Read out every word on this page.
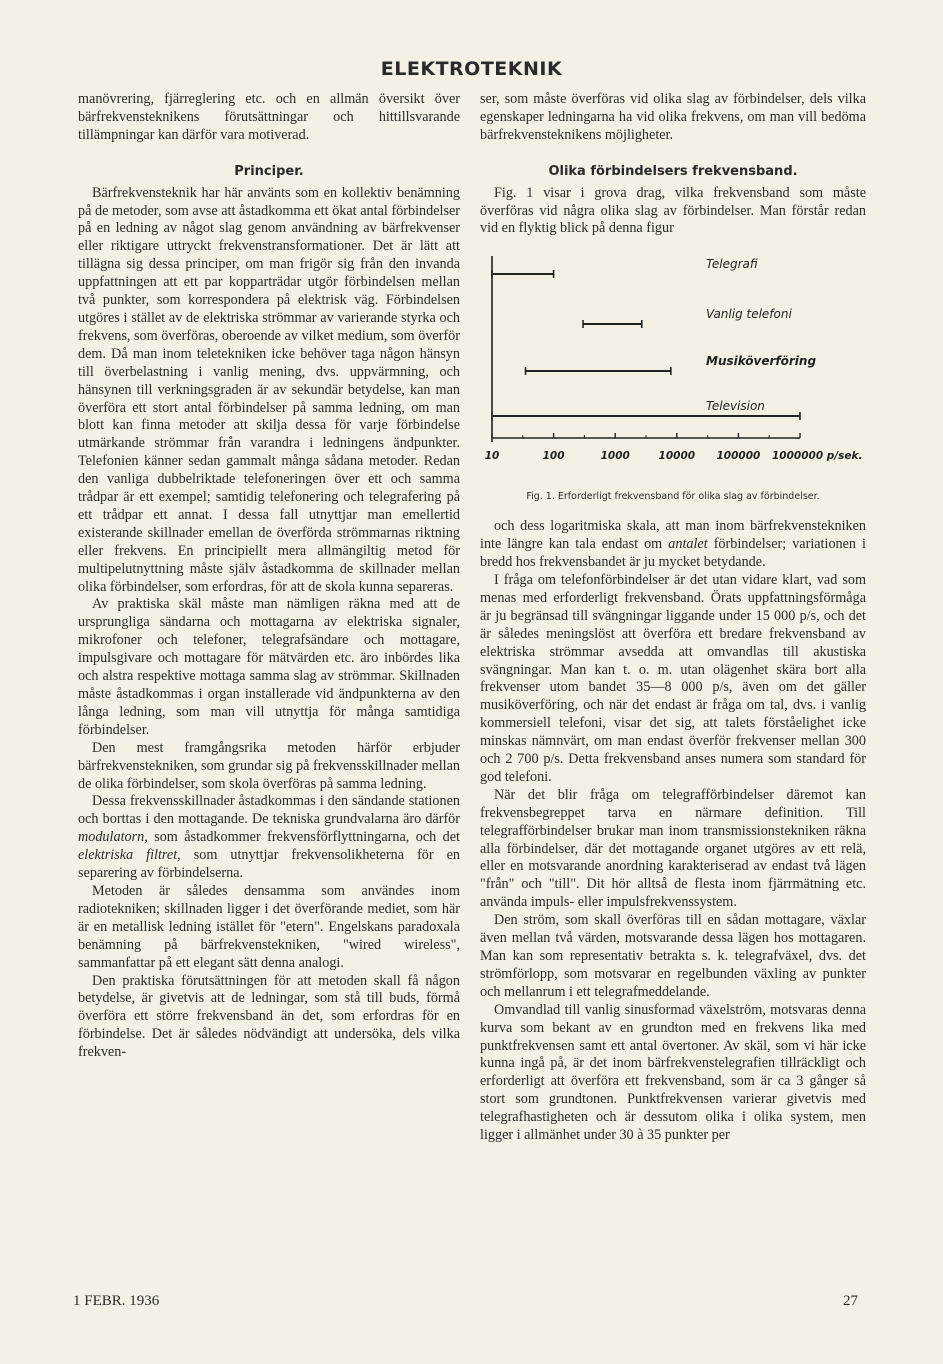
ELEKTROTEKNIK

manövrering, fjärreglering etc. och en allmän översikt över bärfrekvensteknikens förutsättningar och hittillsvarande tillämpningar kan därför vara motiverad.

Principer.

Bärfrekvensteknik har här använts som en kollektiv benämning på de metoder, som avse att åstadkomma ett ökat antal förbindelser på en ledning av något slag genom användning av bärfrekvenser eller riktigare uttryckt frekvenstransformationer. Det är lätt att tillägna sig dessa principer, om man frigör sig från den invanda uppfattningen att ett par kopparträdar utgör förbindelsen mellan två punkter, som korrespondera på elektrisk väg. Förbindelsen utgöres i stället av de elektriska strömmar av varierande styrka och frekvens, som överföras, oberoende av vilket medium, som överför dem. Då man inom teletekniken icke behöver taga någon hänsyn till överbelastning i vanlig mening, dvs. uppvärmning, och hänsynen till verkningsgraden är av sekundär betydelse, kan man överföra ett stort antal förbindelser på samma ledning, om man blott kan finna metoder att skilja dessa för varje förbindelse utmärkande strömmar från varandra i ledningens ändpunkter. Telefonien känner sedan gammalt många sådana metoder. Redan den vanliga dubbelriktade telefoneringen över ett och samma trådpar är ett exempel; samtidig telefonering och telegrafering på ett trådpar ett annat. I dessa fall utnyttjar man emellertid existerande skillnader emellan de överförda strömmarnas riktning eller frekvens. En principiellt mera allmängiltig metod för multipelutnyttning måste själv åstadkomma de skillnader mellan olika förbindelser, som erfordras, för att de skola kunna separeras.

Av praktiska skäl måste man nämligen räkna med att de ursprungliga sändarna och mottagarna av elektriska signaler, mikrofoner och telefoner, telegrafsändare och mottagare, impulsgivare och mottagare för mätvärden etc. äro inbördes lika och alstra respektive mottaga samma slag av strömmar. Skillnaden måste åstadkommas i organ installerade vid ändpunkterna av den långa ledning, som man vill utnyttja för många samtidiga förbindelser.

Den mest framgångsrika metoden härför erbjuder bärfrekvenstekniken, som grundar sig på frekvensskillnader mellan de olika förbindelser, som skola överföras på samma ledning.

Dessa frekvensskillnader åstadkommas i den sändande stationen och borttas i den mottagande. De tekniska grundvalarna äro därför modulatorn, som åstadkommer frekvensförflyttningarna, och det elektriska filtret, som utnyttjar frekvensolikheterna för en separering av förbindelserna.

Metoden är således densamma som användes inom radiotekniken; skillnaden ligger i det överförande mediet, som här är en metallisk ledning istället för "etern". Engelskans paradoxala benämning på bärfrekvenstekniken, "wired wireless", sammanfattar på ett elegant sätt denna analogi.

Den praktiska förutsättningen för att metoden skall få någon betydelse, är givetvis att de ledningar, som stå till buds, förmå överföra ett större frekvensband än det, som erfordras för en förbindelse. Det är således nödvändigt att undersöka, dels vilka frekven-

ser, som måste överföras vid olika slag av förbindelser, dels vilka egenskaper ledningarna ha vid olika frekvens, om man vill bedöma bärfrekvensteknikens möjligheter.

Olika förbindelsers frekvensband.

Fig. 1 visar i grova drag, vilka frekvensband som måste överföras vid några olika slag av förbindelser. Man förstår redan vid en flyktig blick på denna figur

Telegrafi
Vanlig telefoni
Musiköverföring
Television
10	100	1000	10000 100000 1000000 p/sek.
Fig. 1. Erforderligt frekvensband för olika slag av förbindelser.

och dess logaritmiska skala, att man inom bärfrekvenstekniken inte längre kan tala endast om antalet förbindelser; variationen i bredd hos frekvensbandet är ju mycket betydande.

I fråga om telefonförbindelser är det utan vidare klart, vad som menas med erforderligt frekvensband. Örats uppfattningsförmåga är ju begränsad till svängningar liggande under 15 000 p/s, och det är således meningslöst att överföra ett bredare frekvensband av elektriska strömmar avsedda att omvandlas till akustiska svängningar. Man kan t. o. m. utan olägenhet skära bort alla frekvenser utom bandet 35—8 000 p/s, även om det gäller musiköverföring, och när det endast är fråga om tal, dvs. i vanlig kommersiell telefoni, visar det sig, att talets förståelighet icke minskas nämnvärt, om man endast överför frekvenser mellan 300 och 2 700 p/s. Detta frekvensband anses numera som standard för god telefoni.

När det blir fråga om telegrafförbindelser däremot kan frekvensbegreppet tarva en närmare definition. Till telegrafförbindelser brukar man inom transmissionstekniken räkna alla förbindelser, där det mottagande organet utgöres av ett relä, eller en motsvarande anordning karakteriserad av endast två lägen "från" och "till". Dit hör alltså de flesta inom fjärrmätning etc. använda impuls- eller impulsfrekvenssystem.

Den ström, som skall överföras till en sådan mottagare, växlar även mellan två värden, motsvarande dessa lägen hos mottagaren. Man kan som representativ betrakta s. k. telegrafväxel, dvs. det strömförlopp, som motsvarar en regelbunden växling av punkter och mellanrum i ett telegrafmeddelande.

Omvandlad till vanlig sinusformad växelström, motsvaras denna kurva som bekant av en grundton med en frekvens lika med punktfrekvensen samt ett antal övertoner. Av skäl, som vi här icke kunna ingå på, är det inom bärfrekvenstelegrafien tillräckligt och erforderligt att överföra ett frekvensband, som är ca 3 gånger så stort som grundtonen. Punktfrekvensen varierar givetvis med telegrafhastigheten och är dessutom olika i olika system, men ligger i allmänhet under 30 à 35 punkter per

1 FEBR. 1936	27
